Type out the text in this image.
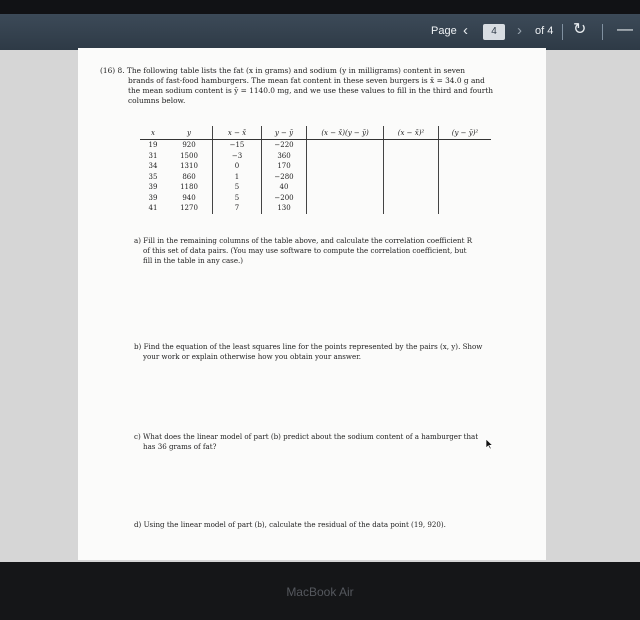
Page ‹	4	› of 4 ↻ —
(16) 8. The following table lists the fat (x in grams) and sodium (y in milligrams) content in seven
brands of fast-food hamburgers. The mean fat content in these seven burgers is x̄ = 34.0 g and
the mean sodium content is ȳ = 1140.0 mg, and we use these values to fill in the third and fourth
columns below.
x	y	x − x̄	y − ȳ	(x − x̄)(y − ȳ)	(x − x̄)²	(y − ȳ)²
19	920	−15	−220			
31	1500	−3	360			
34	1310	0	170			
35	860	1	−280			
39	1180	5	40			
39	940	5	−200			
41	1270	7	130			
a) Fill in the remaining columns of the table above, and calculate the correlation coefficient R
of this set of data pairs. (You may use software to compute the correlation coefficient, but
fill in the table in any case.)
b) Find the equation of the least squares line for the points represented by the pairs (x, y). Show
your work or explain otherwise how you obtain your answer.
c) What does the linear model of part (b) predict about the sodium content of a hamburger that
has 36 grams of fat?
d) Using the linear model of part (b), calculate the residual of the data point (19, 920).
MacBook Air
